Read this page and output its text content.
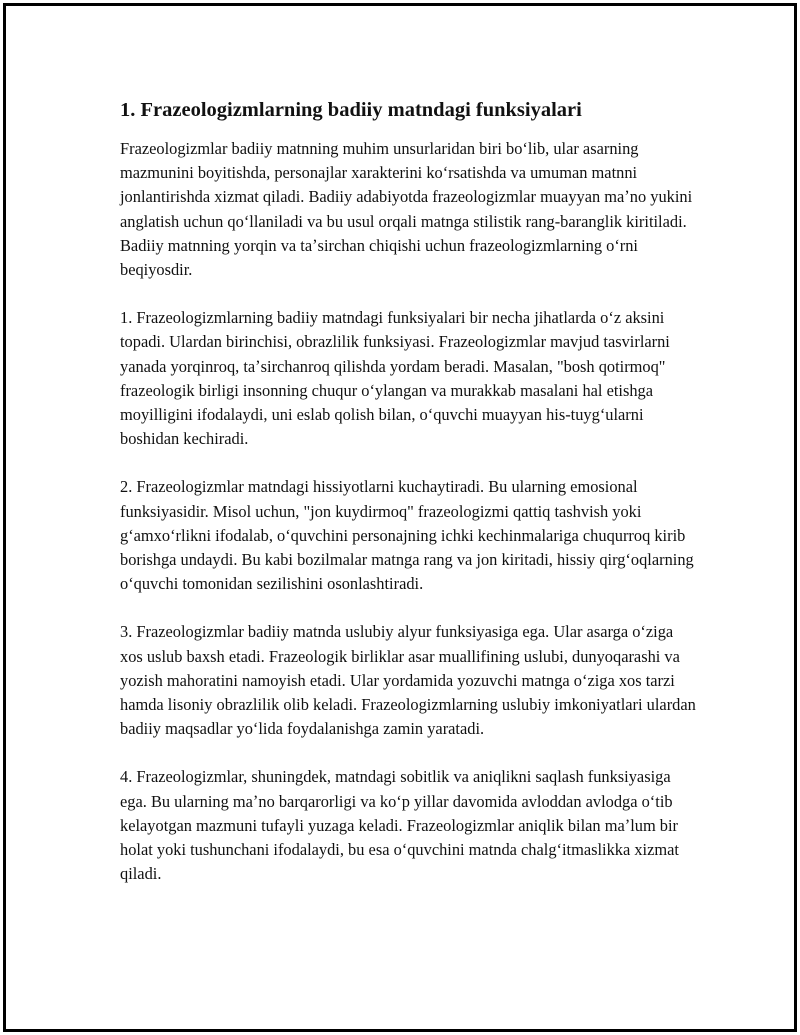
1. Frazeologizmlarning badiiy matndagi funksiyalari

Frazeologizmlar badiiy matnning muhim unsurlaridan biri boʻlib, ular asarning mazmunini boyitishda, personajlar xarakterini koʻrsatishda va umuman matnni jonlantirishda xizmat qiladi. Badiiy adabiyotda frazeologizmlar muayyan maʼno yukini anglatish uchun qoʻllaniladi va bu usul orqali matnga stilistik rang-baranglik kiritiladi. Badiiy matnning yorqin va taʼsirchan chiqishi uchun frazeologizmlarning oʻrni beqiyosdir.

1. Frazeologizmlarning badiiy matndagi funksiyalari bir necha jihatlarda oʻz aksini topadi. Ulardan birinchisi, obrazlilik funksiyasi. Frazeologizmlar mavjud tasvirlarni yanada yorqinroq, taʼsirchanroq qilishda yordam beradi. Masalan, "bosh qotirmoq" frazeologik birligi insonning chuqur oʻylangan va murakkab masalani hal etishga moyilligini ifodalaydi, uni eslab qolish bilan, oʻquvchi muayyan his-tuygʻularni boshidan kechiradi.

2. Frazeologizmlar matndagi hissiyotlarni kuchaytiradi. Bu ularning emosional funksiyasidir. Misol uchun, "jon kuydirmoq" frazeologizmi qattiq tashvish yoki gʻamxoʻrlikni ifodalab, oʻquvchini personajning ichki kechinmalariga chuqurroq kirib borishga undaydi. Bu kabi bozilmalar matnga rang va jon kiritadi, hissiy qirgʻoqlarning oʻquvchi tomonidan sezilishini osonlashtiradi.

3. Frazeologizmlar badiiy matnda uslubiy alyur funksiyasiga ega. Ular asarga oʻziga xos uslub baxsh etadi. Frazeologik birliklar asar muallifining uslubi, dunyoqarashi va yozish mahoratini namoyish etadi. Ular yordamida yozuvchi matnga oʻziga xos tarzi hamda lisoniy obrazlilik olib keladi. Frazeologizmlarning uslubiy imkoniyatlari ulardan badiiy maqsadlar yoʻlida foydalanishga zamin yaratadi.

4. Frazeologizmlar, shuningdek, matndagi sobitlik va aniqlikni saqlash funksiyasiga ega. Bu ularning maʼno barqarorligi va koʻp yillar davomida avloddan avlodga oʻtib kelayotgan mazmuni tufayli yuzaga keladi. Frazeologizmlar aniqlik bilan maʼlum bir holat yoki tushunchani ifodalaydi, bu esa oʻquvchini matnda chalgʻitmaslikka xizmat qiladi.
